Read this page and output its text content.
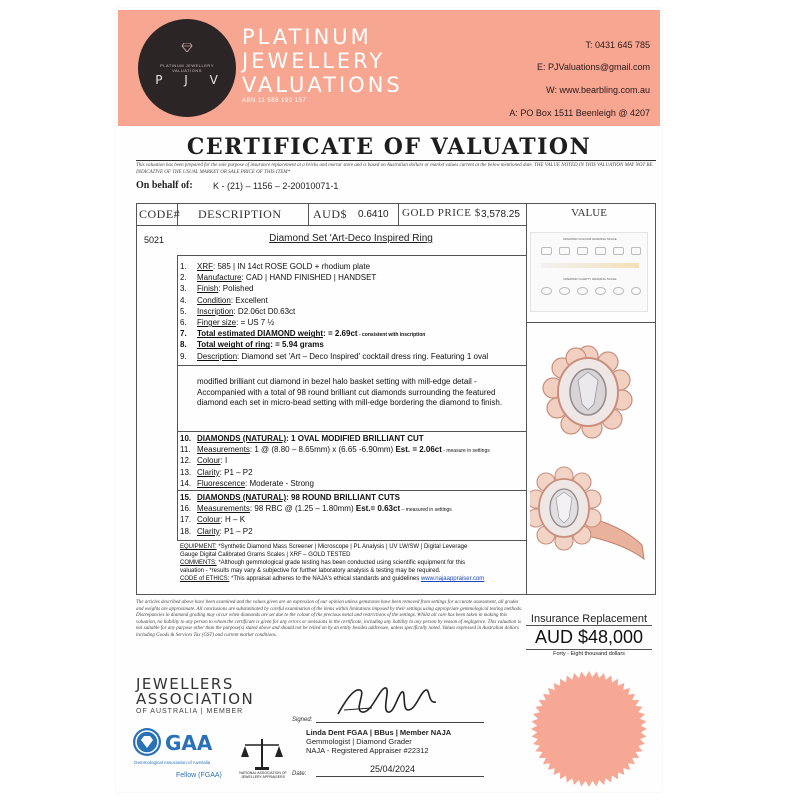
PLATINUM JEWELLERY VALUATIONS
P J V
PLATINUM
JEWELLERY
VALUATIONS
ABN 11 588 192 157
T: 0431 645 785
E: PJValuations@gmail.com
W: www.bearbling.com.au
A: PO Box 1511 Beenleigh @ 4207
CERTIFICATE OF VALUATION
This valuation has been prepared for the sole purpose of insurance replacement at a bricks and mortar store and is based on Australian dollars or market values current at the below mentioned date. THE VALUE NOTED IN THIS VALUATION MAY NOT BE INDICATIVE OF THE USUAL MARKET OR SALE PRICE OF THIS ITEM*
On behalf of: K - (21) – 1156 – 2-20010071-1
CODE# DESCRIPTION	AUD$ 0.6410 GOLD PRICE $ 3,578.25	VALUE
5021	Diamond Set 'Art-Deco Inspired Ring
1. XRF: 585 | IN 14ct ROSE GOLD + rhodium plate
2. Manufacture: CAD | HAND FINISHED | HANDSET
3. Finish: Polished
4. Condition: Excellent
5. Inscription: D2.06ct D0.63ct
6. Finger size: = US 7 ½
7. Total estimated DIAMOND weight: = 2.69ct - consistent with inscription
8. Total weight of ring: = 5.94 grams
9. Description: Diamond set 'Art – Deco Inspired' cocktail dress ring. Featuring 1 oval
modified brilliant cut diamond in bezel halo basket setting with mill-edge detail - Accompanied with a total of 98 round brilliant cut diamonds surrounding the featured diamond each set in micro-bead setting with mill-edge bordering the diamond to finish.
10. DIAMONDS (NATURAL): 1 OVAL MODIFIED BRILLIANT CUT
11. Measurements: 1 @ (8.80 – 8.65mm) x (6.65 -6.90mm) Est. = 2.06ct - measure in settings
12. Colour: I
13. Clarity: P1 – P2
14. Fluorescence: Moderate - Strong
15. DIAMONDS (NATURAL): 98 ROUND BRILLIANT CUTS
16. Measurements: 98 RBC @ (1.25 – 1.80mm) Est.= 0.63ct – measured in settings
17. Colour: H – K
18. Clarity: P1 – P2
EQUIPMENT: *Synthetic Diamond Mass Screener | Microscope | PL Analysis | UV LW/SW | Digital Leverage
Gauge Digital Calibrated Grams Scales | XRF – GOLD TESTED
COMMENTS: *Although gemmological grade testing has been conducted using scientific equipment for this
valuation - *results may vary & subjective for further laboratory analysis & testing may be required.
CODE of ETHICS: *This appraisal adheres to the NAJA's ethical standards and guidelines www.najaappraiser.com
DIAMOND COLOUR GRADING SCALE
DIAMOND CLARITY GRADING SCALE
The articles described above have been examined and the values given are an expression of our opinion unless gemstones have been removed from settings for accurate assessment, all grades and weights are approximate. All conclusions are substantiated by careful examination of the items within limitations imposed by their settings using appropriate gemmological testing methods. Discrepancies in diamond grading may occur when diamonds are set due to the colour of the precious metal and restrictions of the settings. Whilst all care has been taken in making this valuation, no liability to any person to whom the certificate is given for any errors or omissions in the certificate, including any liability to any person by reason of negligence. This valuation is not suitable for any purpose other than the purpose(s) stated above and should not be relied on by an entity besides addressee, unless specifically noted. Values expressed in Australian dollars including Goods & Services Tax (GST) and current market conditions.
Insurance Replacement
AUD $48,000
Forty - Eight thousand dollars
JEWELLERS
ASSOCIATION
OF AUSTRALIA | MEMBER
GAA
Gemmological Association of Australia
Fellow (FGAA)	NATIONAL ASSOCIATION OF JEWELLERY APPRAISERS
Signed:
Linda Dent FGAA | BBus | Member NAJA
Gemmologist | Diamond Grader
NAJA - Registered Appraiser #22312
Date:	25/04/2024
